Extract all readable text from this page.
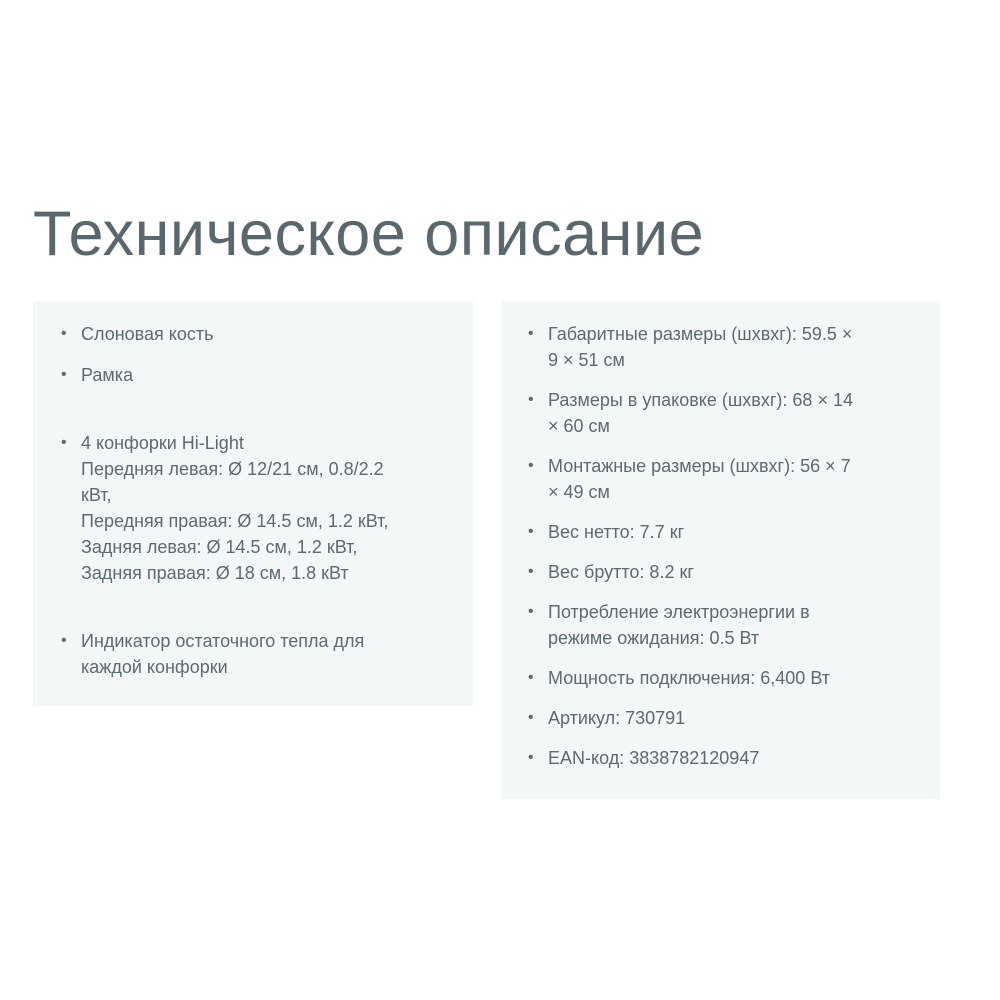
Техническое описание
• Слоновая кость
• Рамка
• 4 конфорки Hi-Light
Передняя левая: Ø 12/21 см, 0.8/2.2
кВт,
Передняя правая: Ø 14.5 см, 1.2 кВт,
Задняя левая: Ø 14.5 см, 1.2 кВт,
Задняя правая: Ø 18 см, 1.8 кВт
• Индикатор остаточного тепла для
каждой конфорки
• Габаритные размеры (шхвхг): 59.5 ×
9 × 51 см
• Размеры в упаковке (шхвхг): 68 × 14
× 60 см
• Монтажные размеры (шхвхг): 56 × 7
× 49 см
• Вес нетто: 7.7 кг
• Вес брутто: 8.2 кг
• Потребление электроэнергии в
режиме ожидания: 0.5 Вт
• Мощность подключения: 6,400 Вт
• Артикул: 730791
• EAN-код: 3838782120947
